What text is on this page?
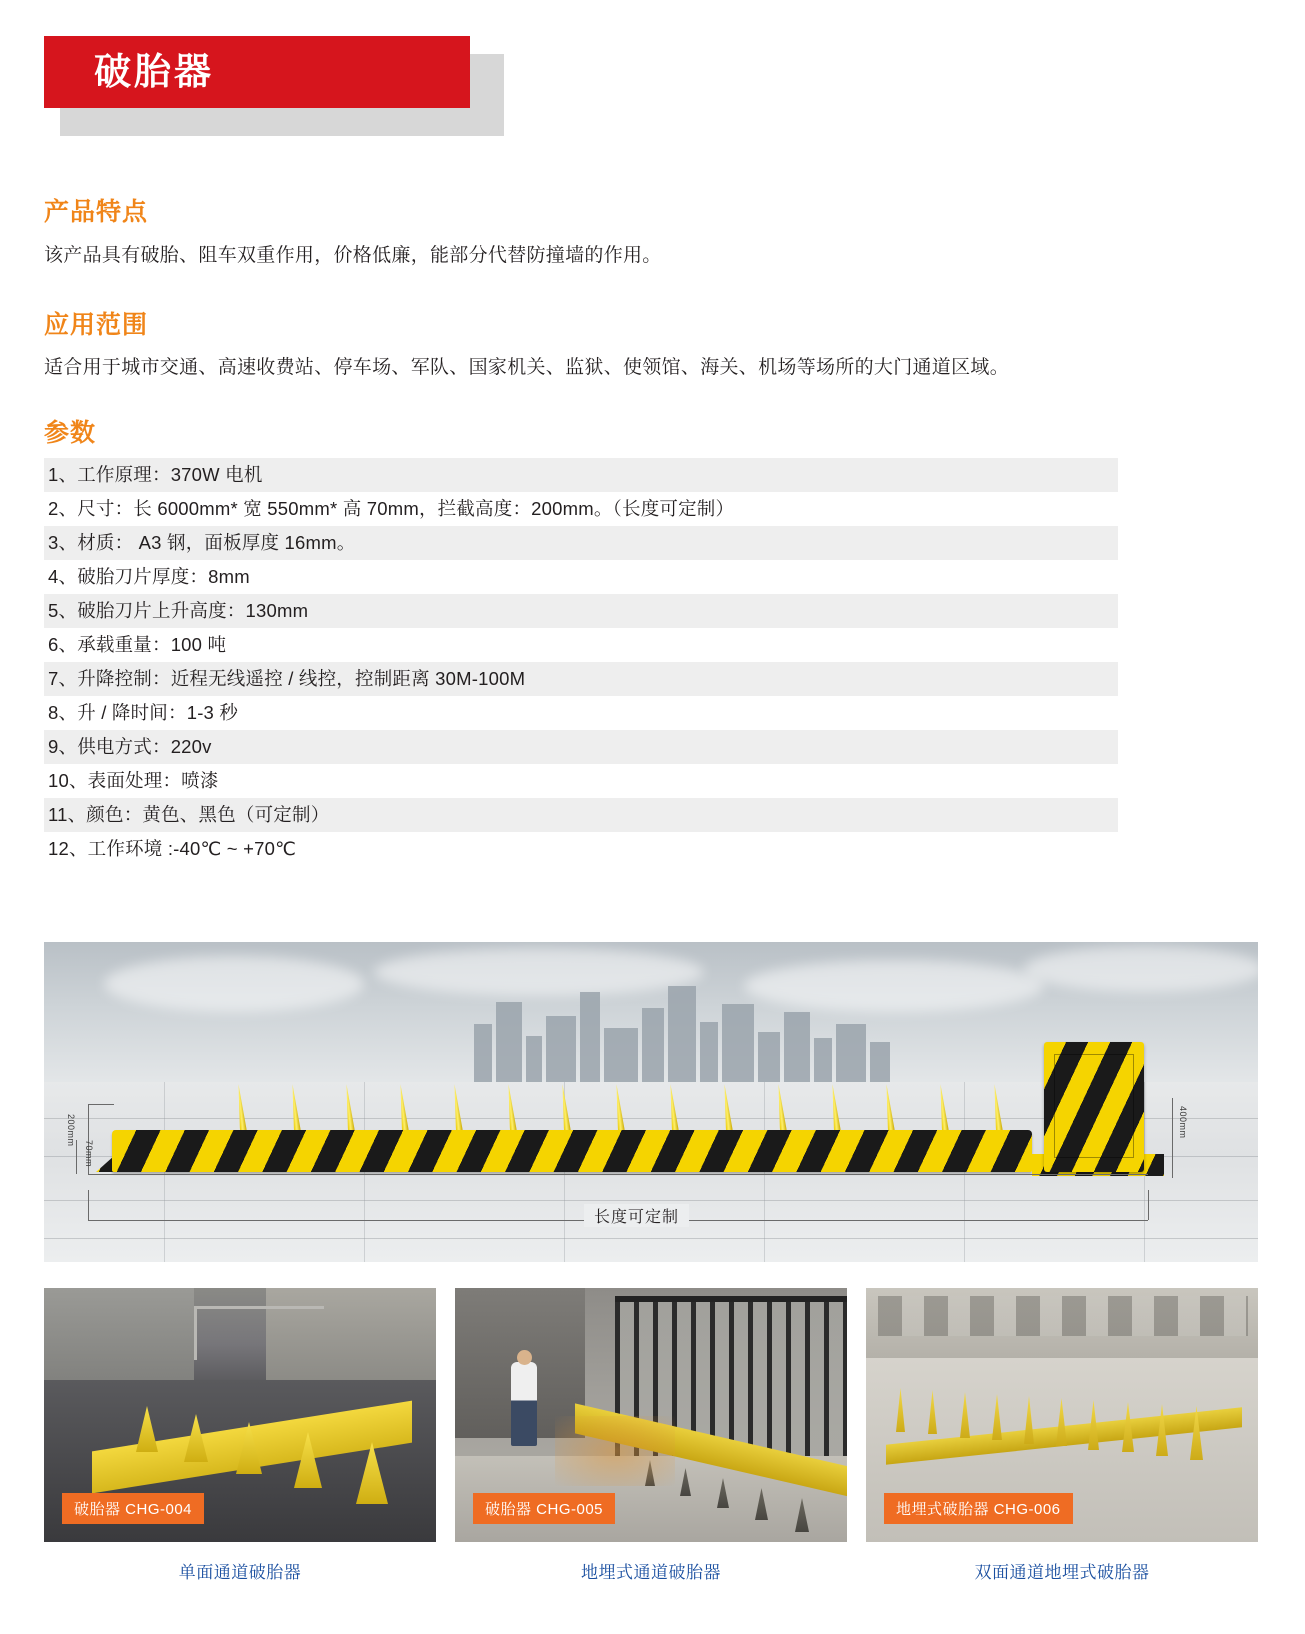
破胎器
产品特点
该产品具有破胎、阻车双重作用，价格低廉，能部分代替防撞墙的作用。
应用范围
适合用于城市交通、高速收费站、停车场、军队、国家机关、监狱、使领馆、海关、机场等场所的大门通道区域。
参数
1、工作原理：370W 电机
2、尺寸：长 6000mm* 宽 550mm* 高 70mm，拦截高度：200mm。（长度可定制）
3、材质： A3 钢，面板厚度 16mm。
4、破胎刀片厚度：8mm
5、破胎刀片上升高度：130mm
6、承载重量：100 吨
7、升降控制：近程无线遥控 / 线控，控制距离 30M-100M
8、升 / 降时间：1-3 秒
9、供电方式：220v
10、表面处理：喷漆
11、颜色：黄色、黑色（可定制）
12、工作环境 :-40℃ ~ +70℃
200mm
70mm
400mm
长度可定制
破胎器 CHG-004
单面通道破胎器
破胎器 CHG-005
地埋式通道破胎器
地埋式破胎器 CHG-006
双面通道地埋式破胎器
